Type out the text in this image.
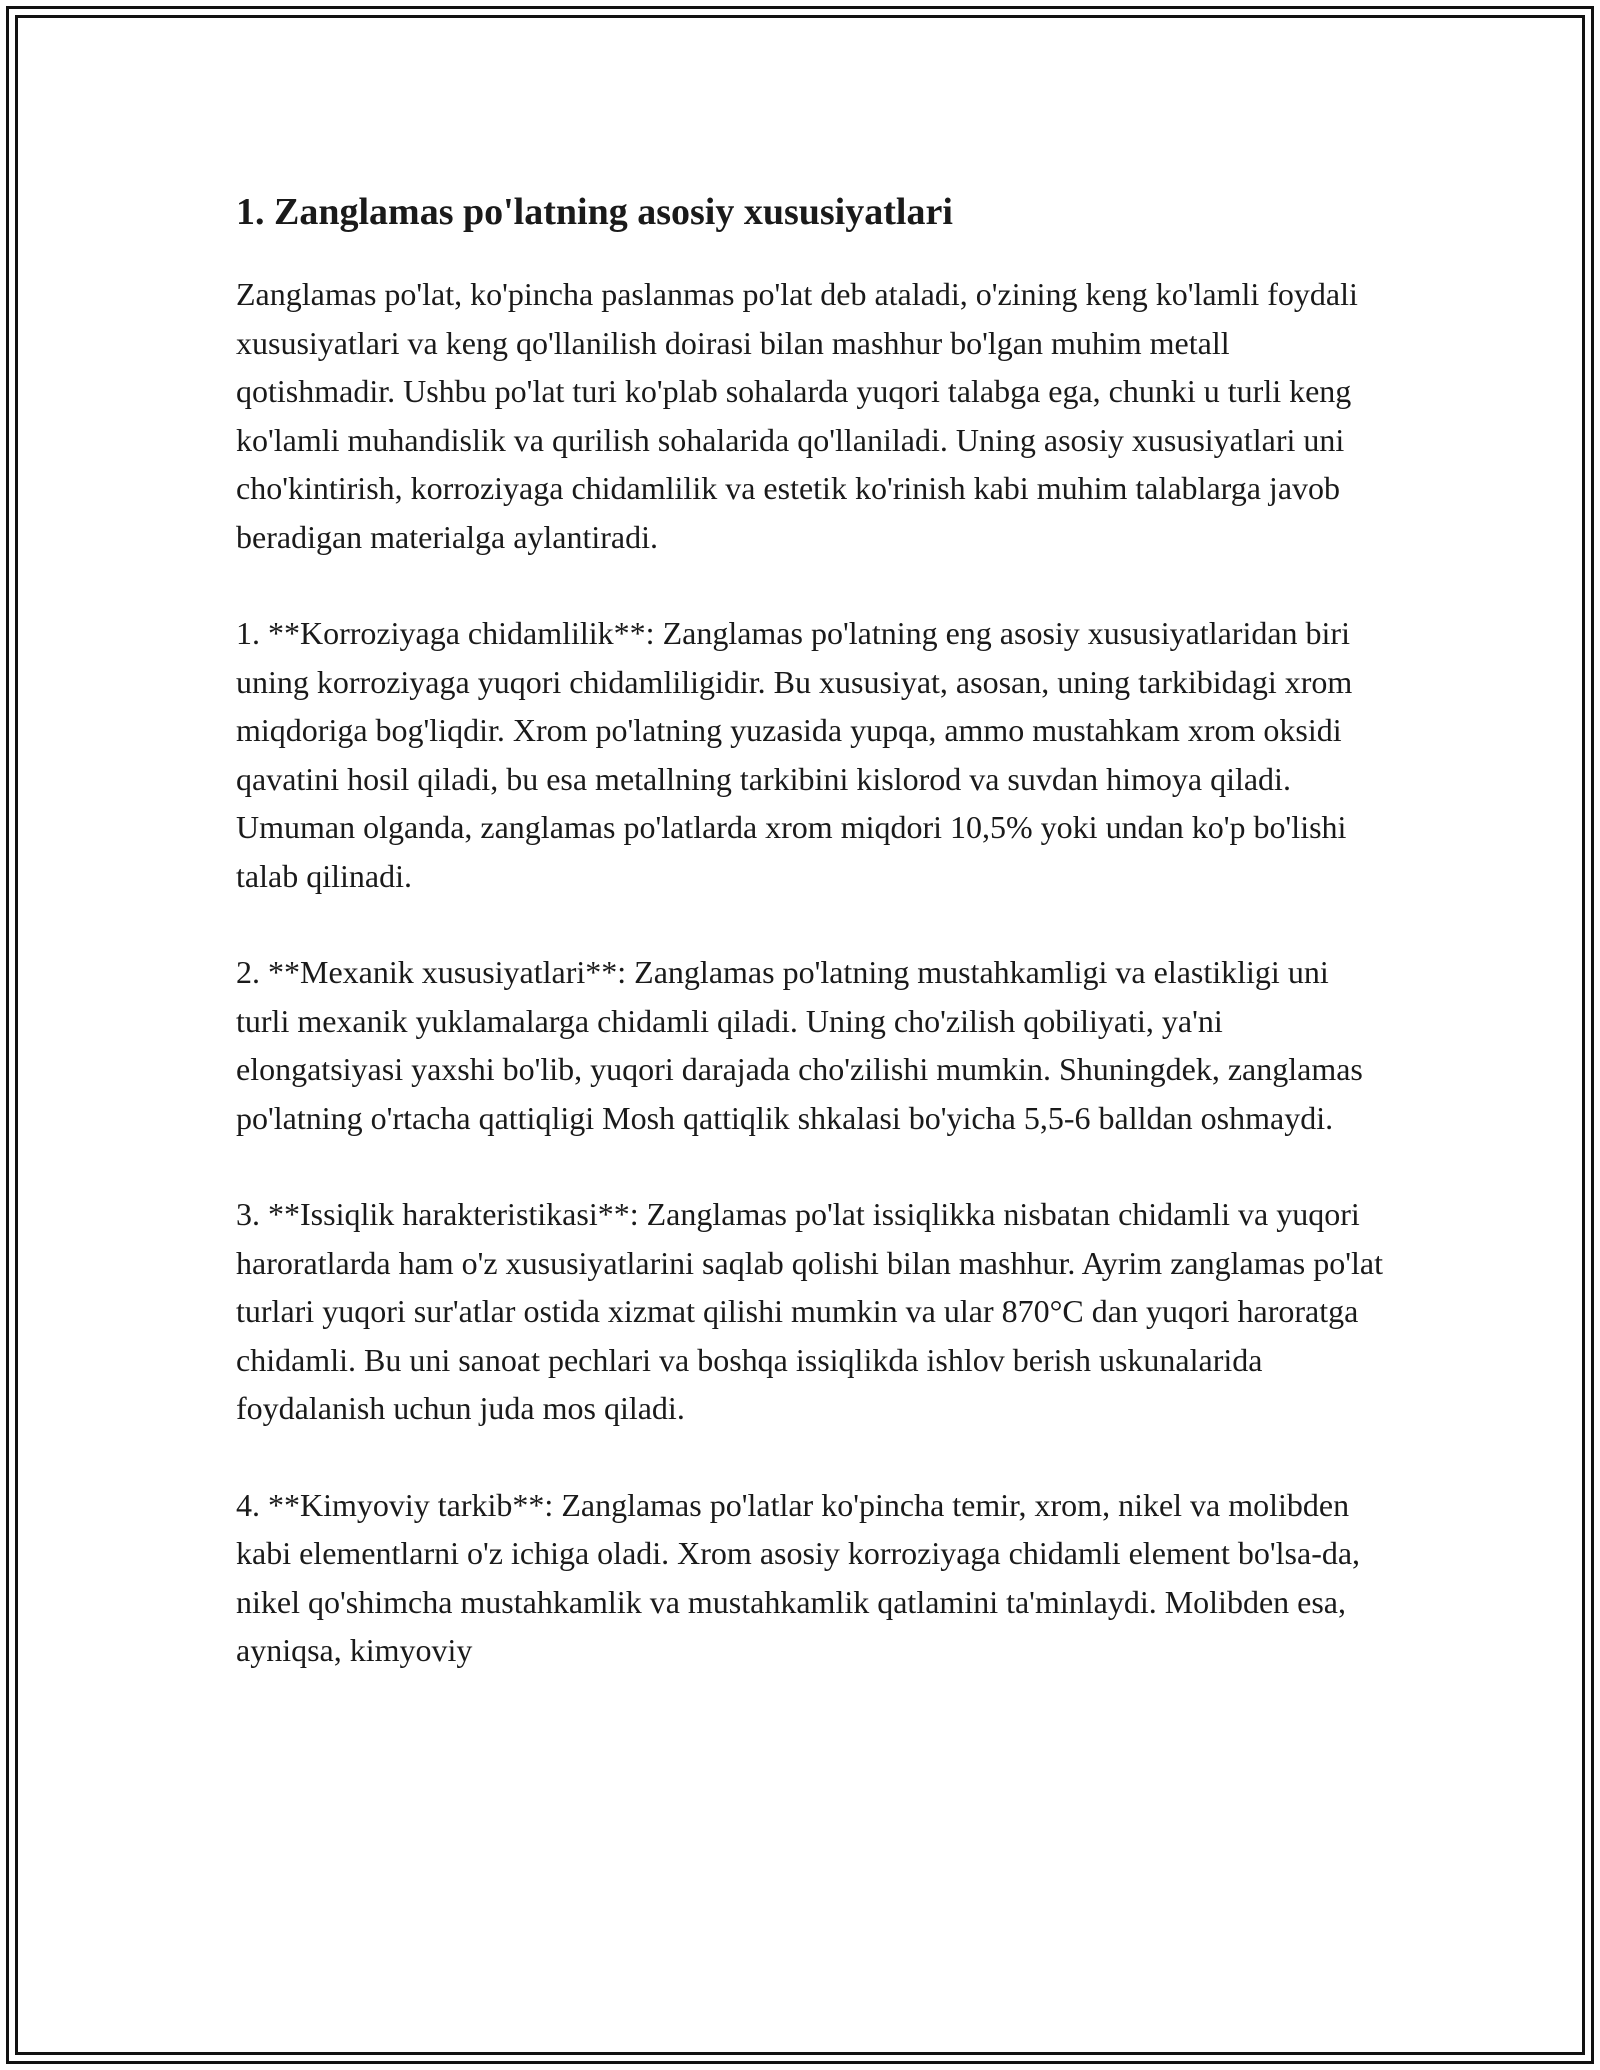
1. Zanglamas po'latning asosiy xususiyatlari

Zanglamas po'lat, ko'pincha paslanmas po'lat deb ataladi, o'zining keng ko'lamli foydali xususiyatlari va keng qo'llanilish doirasi bilan mashhur bo'lgan muhim metall qotishmadir. Ushbu po'lat turi ko'plab sohalarda yuqori talabga ega, chunki u turli keng ko'lamli muhandislik va qurilish sohalarida qo'llaniladi. Uning asosiy xususiyatlari uni cho'kintirish, korroziyaga chidamlilik va estetik ko'rinish kabi muhim talablarga javob beradigan materialga aylantiradi.

1. **Korroziyaga chidamlilik**: Zanglamas po'latning eng asosiy xususiyatlaridan biri uning korroziyaga yuqori chidamliligidir. Bu xususiyat, asosan, uning tarkibidagi xrom miqdoriga bog'liqdir. Xrom po'latning yuzasida yupqa, ammo mustahkam xrom oksidi qavatini hosil qiladi, bu esa metallning tarkibini kislorod va suvdan himoya qiladi. Umuman olganda, zanglamas po'latlarda xrom miqdori 10,5% yoki undan ko'p bo'lishi talab qilinadi.

2. **Mexanik xususiyatlari**: Zanglamas po'latning mustahkamligi va elastikligi uni turli mexanik yuklamalarga chidamli qiladi. Uning cho'zilish qobiliyati, ya'ni elongatsiyasi yaxshi bo'lib, yuqori darajada cho'zilishi mumkin. Shuningdek, zanglamas po'latning o'rtacha qattiqligi Mosh qattiqlik shkalasi bo'yicha 5,5-6 balldan oshmaydi.

3. **Issiqlik harakteristikasi**: Zanglamas po'lat issiqlikka nisbatan chidamli va yuqori haroratlarda ham o'z xususiyatlarini saqlab qolishi bilan mashhur. Ayrim zanglamas po'lat turlari yuqori sur'atlar ostida xizmat qilishi mumkin va ular 870°C dan yuqori haroratga chidamli. Bu uni sanoat pechlari va boshqa issiqlikda ishlov berish uskunalarida foydalanish uchun juda mos qiladi.

4. **Kimyoviy tarkib**: Zanglamas po'latlar ko'pincha temir, xrom, nikel va molibden kabi elementlarni o'z ichiga oladi. Xrom asosiy korroziyaga chidamli element bo'lsa-da, nikel qo'shimcha mustahkamlik va mustahkamlik qatlamini ta'minlaydi. Molibden esa, ayniqsa, kimyoviy
